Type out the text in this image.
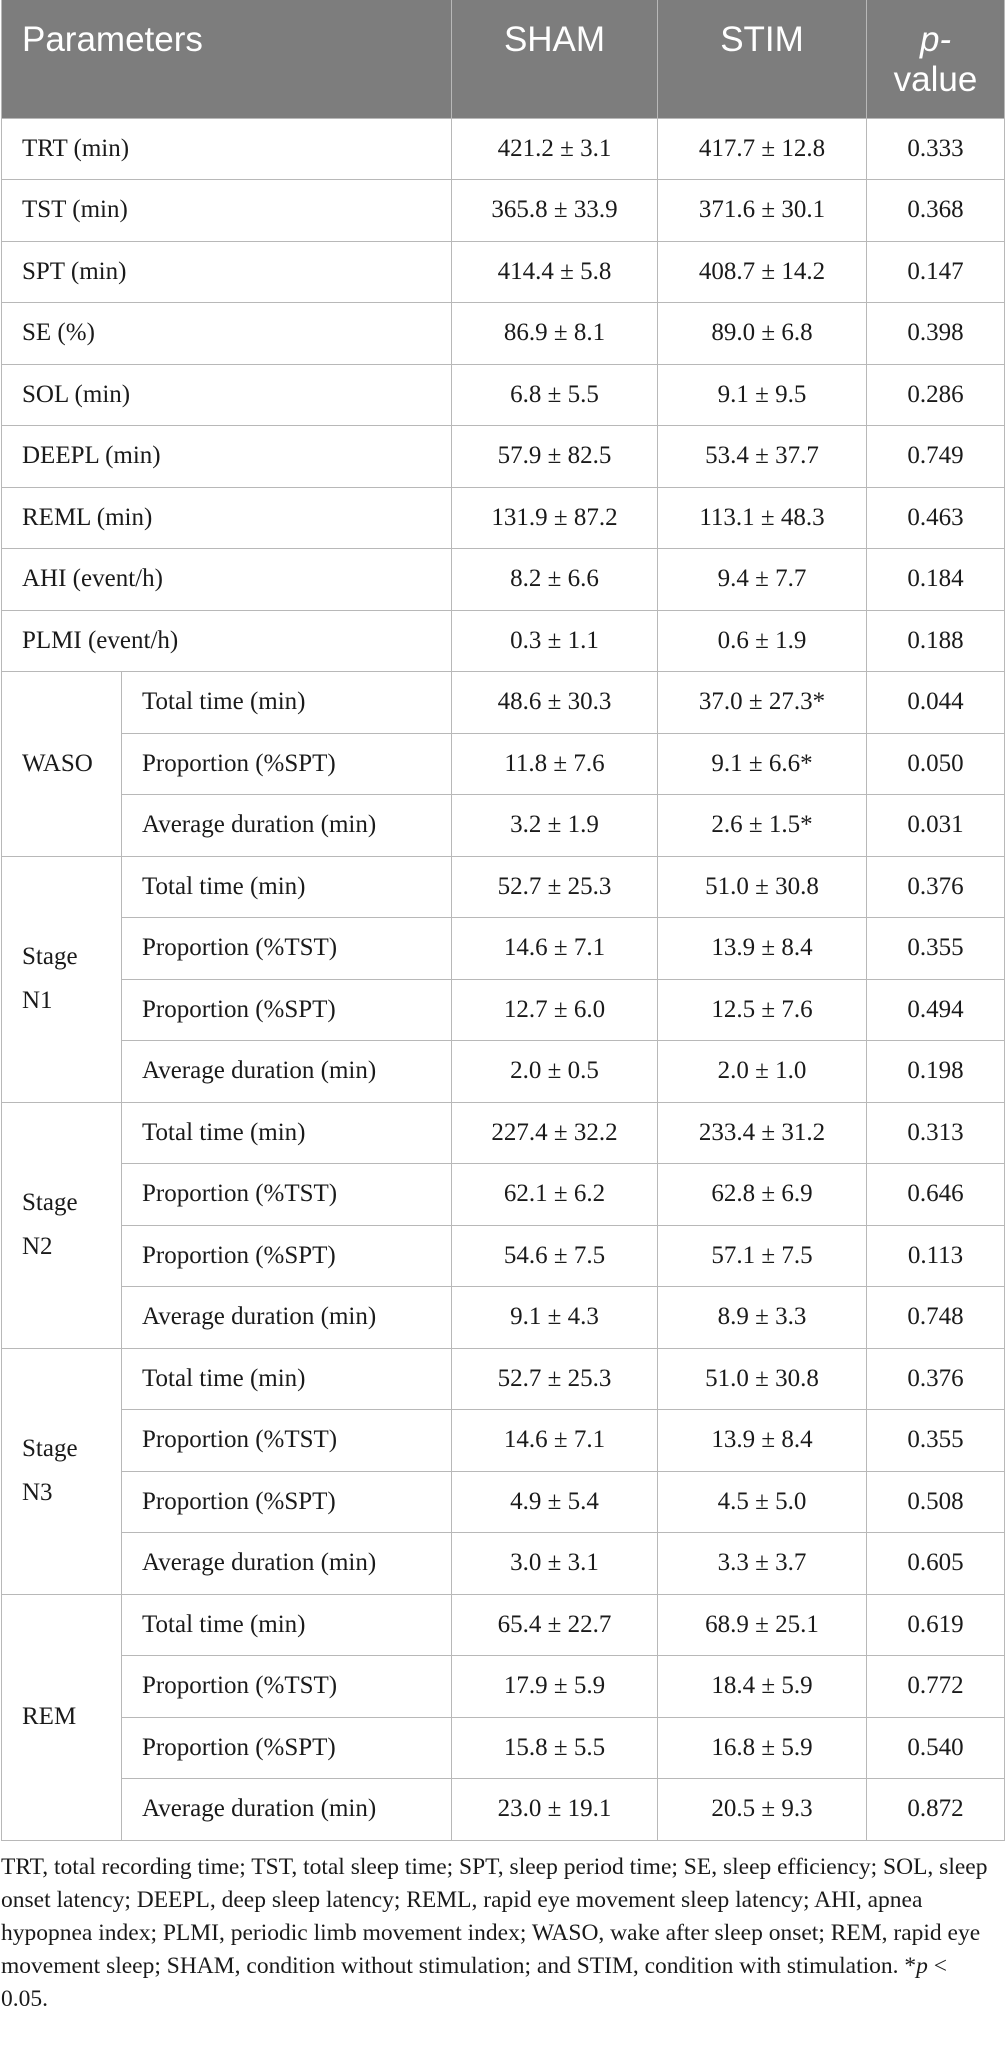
Parameters		SHAM	STIM	p-
value
TRT (min)		421.2 ± 3.1	417.7 ± 12.8	0.333
TST (min)		365.8 ± 33.9	371.6 ± 30.1	0.368
SPT (min)		414.4 ± 5.8	408.7 ± 14.2	0.147
SE (%)		86.9 ± 8.1	89.0 ± 6.8	0.398
SOL (min)		6.8 ± 5.5	9.1 ± 9.5	0.286
DEEPL (min)		57.9 ± 82.5	53.4 ± 37.7	0.749
REML (min)		131.9 ± 87.2	113.1 ± 48.3	0.463
AHI (event/h)		8.2 ± 6.6	9.4 ± 7.7	0.184
PLMI (event/h)		0.3 ± 1.1	0.6 ± 1.9	0.188
WASO	Total time (min)	48.6 ± 30.3	37.0 ± 27.3*	0.044
	Proportion (%SPT)	11.8 ± 7.6	9.1 ± 6.6*	0.050
	Average duration (min)	3.2 ± 1.9	2.6 ± 1.5*	0.031
Stage
N1	Total time (min)	52.7 ± 25.3	51.0 ± 30.8	0.376
	Proportion (%TST)	14.6 ± 7.1	13.9 ± 8.4	0.355
	Proportion (%SPT)	12.7 ± 6.0	12.5 ± 7.6	0.494
	Average duration (min)	2.0 ± 0.5	2.0 ± 1.0	0.198
Stage
N2	Total time (min)	227.4 ± 32.2	233.4 ± 31.2	0.313
	Proportion (%TST)	62.1 ± 6.2	62.8 ± 6.9	0.646
	Proportion (%SPT)	54.6 ± 7.5	57.1 ± 7.5	0.113
	Average duration (min)	9.1 ± 4.3	8.9 ± 3.3	0.748
Stage
N3	Total time (min)	52.7 ± 25.3	51.0 ± 30.8	0.376
	Proportion (%TST)	14.6 ± 7.1	13.9 ± 8.4	0.355
	Proportion (%SPT)	4.9 ± 5.4	4.5 ± 5.0	0.508
	Average duration (min)	3.0 ± 3.1	3.3 ± 3.7	0.605
REM	Total time (min)	65.4 ± 22.7	68.9 ± 25.1	0.619
	Proportion (%TST)	17.9 ± 5.9	18.4 ± 5.9	0.772
	Proportion (%SPT)	15.8 ± 5.5	16.8 ± 5.9	0.540
	Average duration (min)	23.0 ± 19.1	20.5 ± 9.3	0.872
TRT, total recording time; TST, total sleep time; SPT, sleep period time; SE, sleep efficiency; SOL, sleep onset latency; DEEPL, deep sleep latency; REML, rapid eye movement sleep latency; AHI, apnea hypopnea index; PLMI, periodic limb movement index; WASO, wake after sleep onset; REM, rapid eye movement sleep; SHAM, condition without stimulation; and STIM, condition with stimulation. *p < 0.05.
